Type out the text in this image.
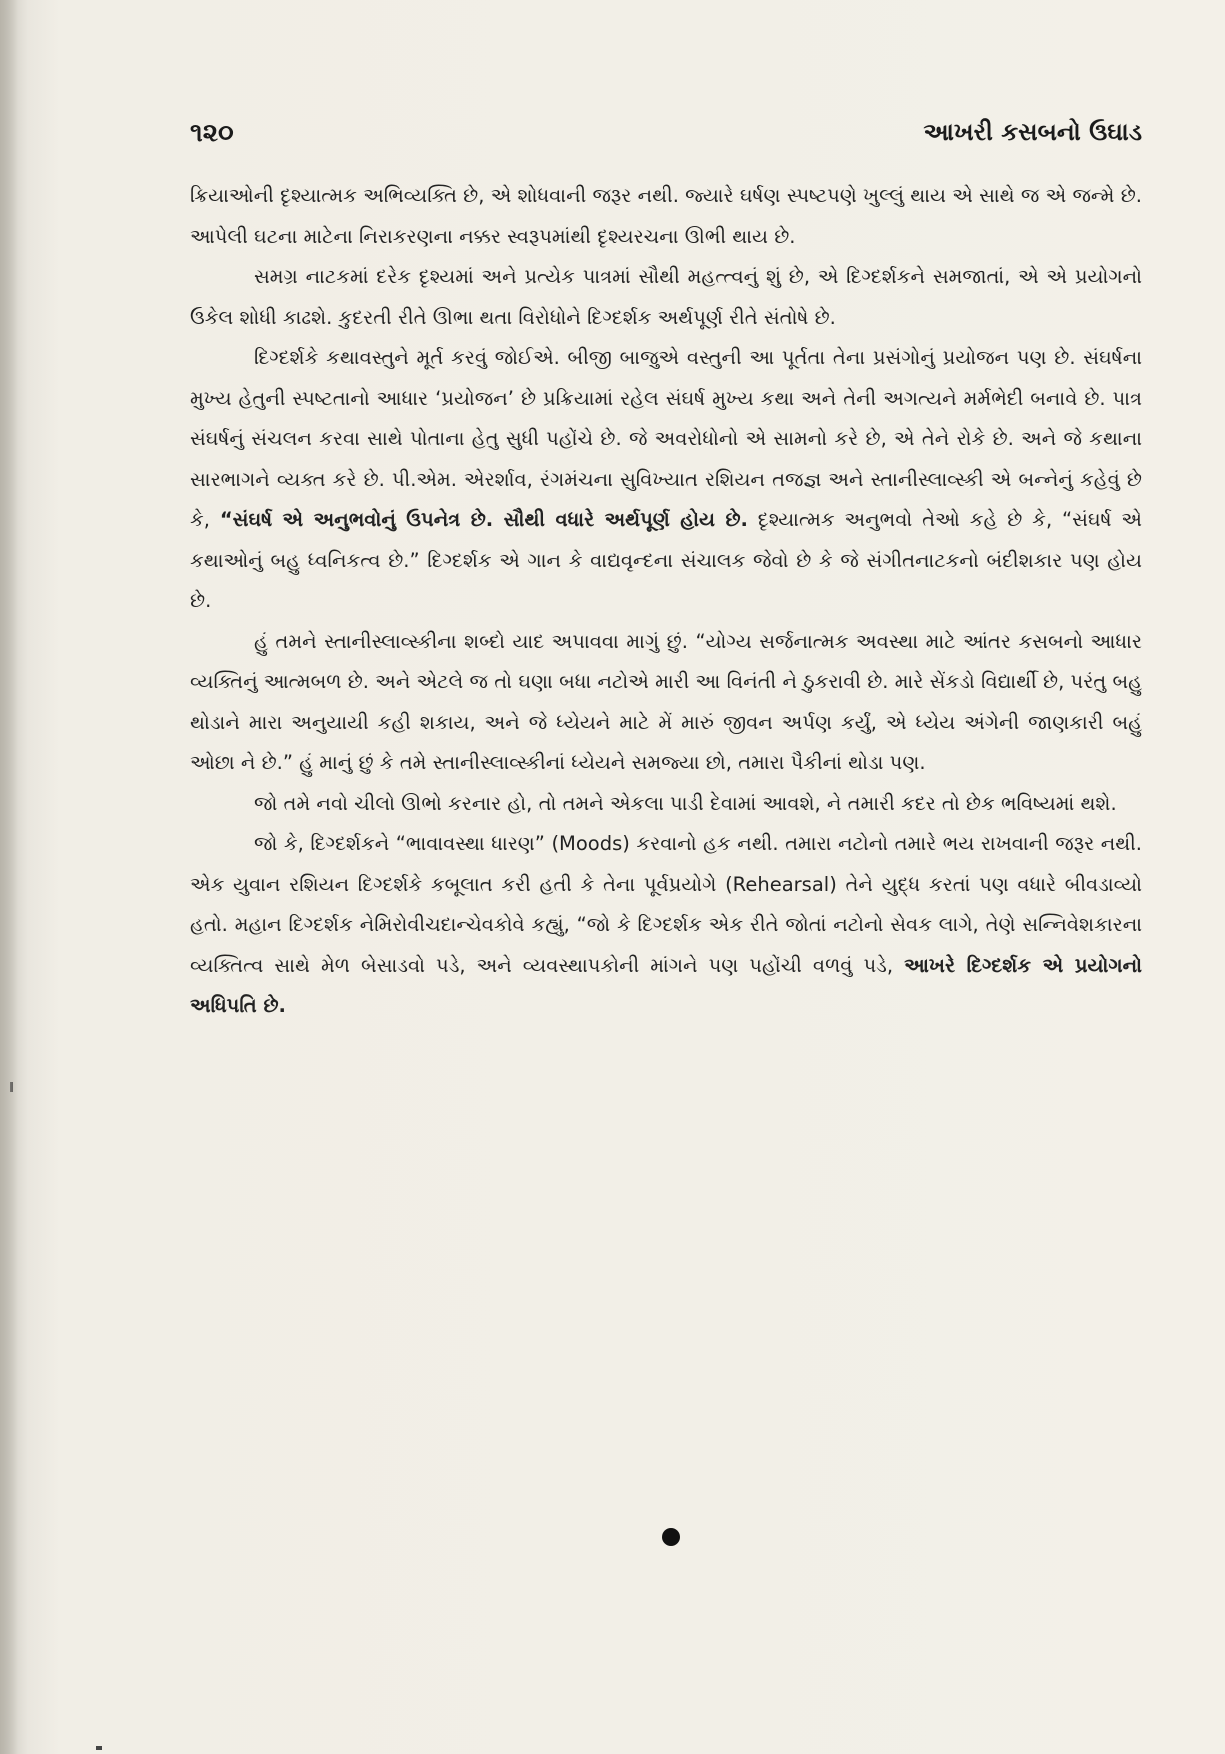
૧૨૦	આખરી કસબનો ઉઘાડ

ક્રિયાઓની દૃશ્યાત્મક અભિવ્યક્તિ છે, એ શોધવાની જરૂર નથી. જ્યારે ઘર્ષણ સ્પષ્ટપણે ખુલ્લું થાય એ સાથે જ એ જન્મે છે. આપેલી ઘટના માટેના નિરાકરણના નક્કર સ્વરૂપમાંથી દૃશ્યરચના ઊભી થાય છે.

સમગ્ર નાટકમાં દરેક દૃશ્યમાં અને પ્રત્યેક પાત્રમાં સૌથી મહત્ત્વનું શું છે, એ દિગ્દર્શકને સમજાતાં, એ એ પ્રયોગનો ઉકેલ શોધી કાઢશે. કુદરતી રીતે ઊભા થતા વિરોધોને દિગ્દર્શક અર્થપૂર્ણ રીતે સંતોષે છે.

દિગ્દર્શકે કથાવસ્તુને મૂર્ત કરવું જોઈએ. બીજી બાજુએ વસ્તુની આ પૂર્તતા તેના પ્રસંગોનું પ્રયોજન પણ છે. સંઘર્ષના મુખ્ય હેતુની સ્પષ્ટતાનો આધાર ‘પ્રયોજન’ છે પ્રક્રિયામાં રહેલ સંઘર્ષ મુખ્ય કથા અને તેની અગત્યને મર્મભેદી બનાવે છે. પાત્ર સંઘર્ષનું સંચલન કરવા સાથે પોતાના હેતુ સુધી પહોંચે છે. જે અવરોધોનો એ સામનો કરે છે, એ તેને રોકે છે. અને જે કથાના સારભાગને વ્યક્ત કરે છે. પી.એમ. એરર્શાવ, રંગમંચના સુવિખ્યાત રશિયન તજજ્ઞ અને સ્તાનીસ્લાવ્સ્કી એ બન્નેનું કહેવું છે કે, “સંઘર્ષ એ અનુભવોનું ઉપનેત્ર છે. સૌથી વધારે અર્થપૂર્ણ હોય છે. દૃશ્યાત્મક અનુભવો તેઓ કહે છે કે, “સંઘર્ષ એ કથાઓનું બહુ ધ્વનિકત્વ છે.” દિગ્દર્શક એ ગાન કે વાદ્યવૃન્દના સંચાલક જેવો છે કે જે સંગીતનાટકનો બંદીશકાર પણ હોય છે.

હું તમને સ્તાનીસ્લાવ્સ્કીના શબ્દો યાદ અપાવવા માગું છું. “યોગ્ય સર્જનાત્મક અવસ્થા માટે આંતર કસબનો આધાર વ્યક્તિનું આત્મબળ છે. અને એટલે જ તો ઘણા બધા નટોએ મારી આ વિનંતી ને ઠુકરાવી છે. મારે સેંકડો વિદ્યાર્થી છે, પરંતુ બહુ થોડાને મારા અનુયાયી કહી શકાય, અને જે ધ્યેયને માટે મેં મારું જીવન અર્પણ કર્યું, એ ધ્યેય અંગેની જાણકારી બહું ઓછા ને છે.” હું માનું છું કે તમે સ્તાનીસ્લાવ્સ્કીનાં ધ્યેયને સમજ્યા છો, તમારા પૈકીનાં થોડા પણ.

જો તમે નવો ચીલો ઊભો કરનાર હો, તો તમને એકલા પાડી દેવામાં આવશે, ને તમારી કદર તો છેક ભવિષ્યમાં થશે.

જો કે, દિગ્દર્શકને “ભાવાવસ્થા ધારણ” (Moods) કરવાનો હક નથી. તમારા નટોનો તમારે ભય રાખવાની જરૂર નથી. એક યુવાન રશિયન દિગ્દર્શકે કબૂલાત કરી હતી કે તેના પૂર્વપ્રયોગે (Rehearsal) તેને યુદ્ધ કરતાં પણ વધારે બીવડાવ્યો હતો. મહાન દિગ્દર્શક નેમિરોવીચદાન્ચેવકોવે કહ્યું, “જો કે દિગ્દર્શક એક રીતે જોતાં નટોનો સેવક લાગે, તેણે સન્નિવેશકારના વ્યક્તિત્વ સાથે મેળ બેસાડવો પડે, અને વ્યવસ્થાપકોની માંગને પણ પહોંચી વળવું પડે, આખરે દિગ્દર્શક એ પ્રયોગનો અધિપતિ છે.
